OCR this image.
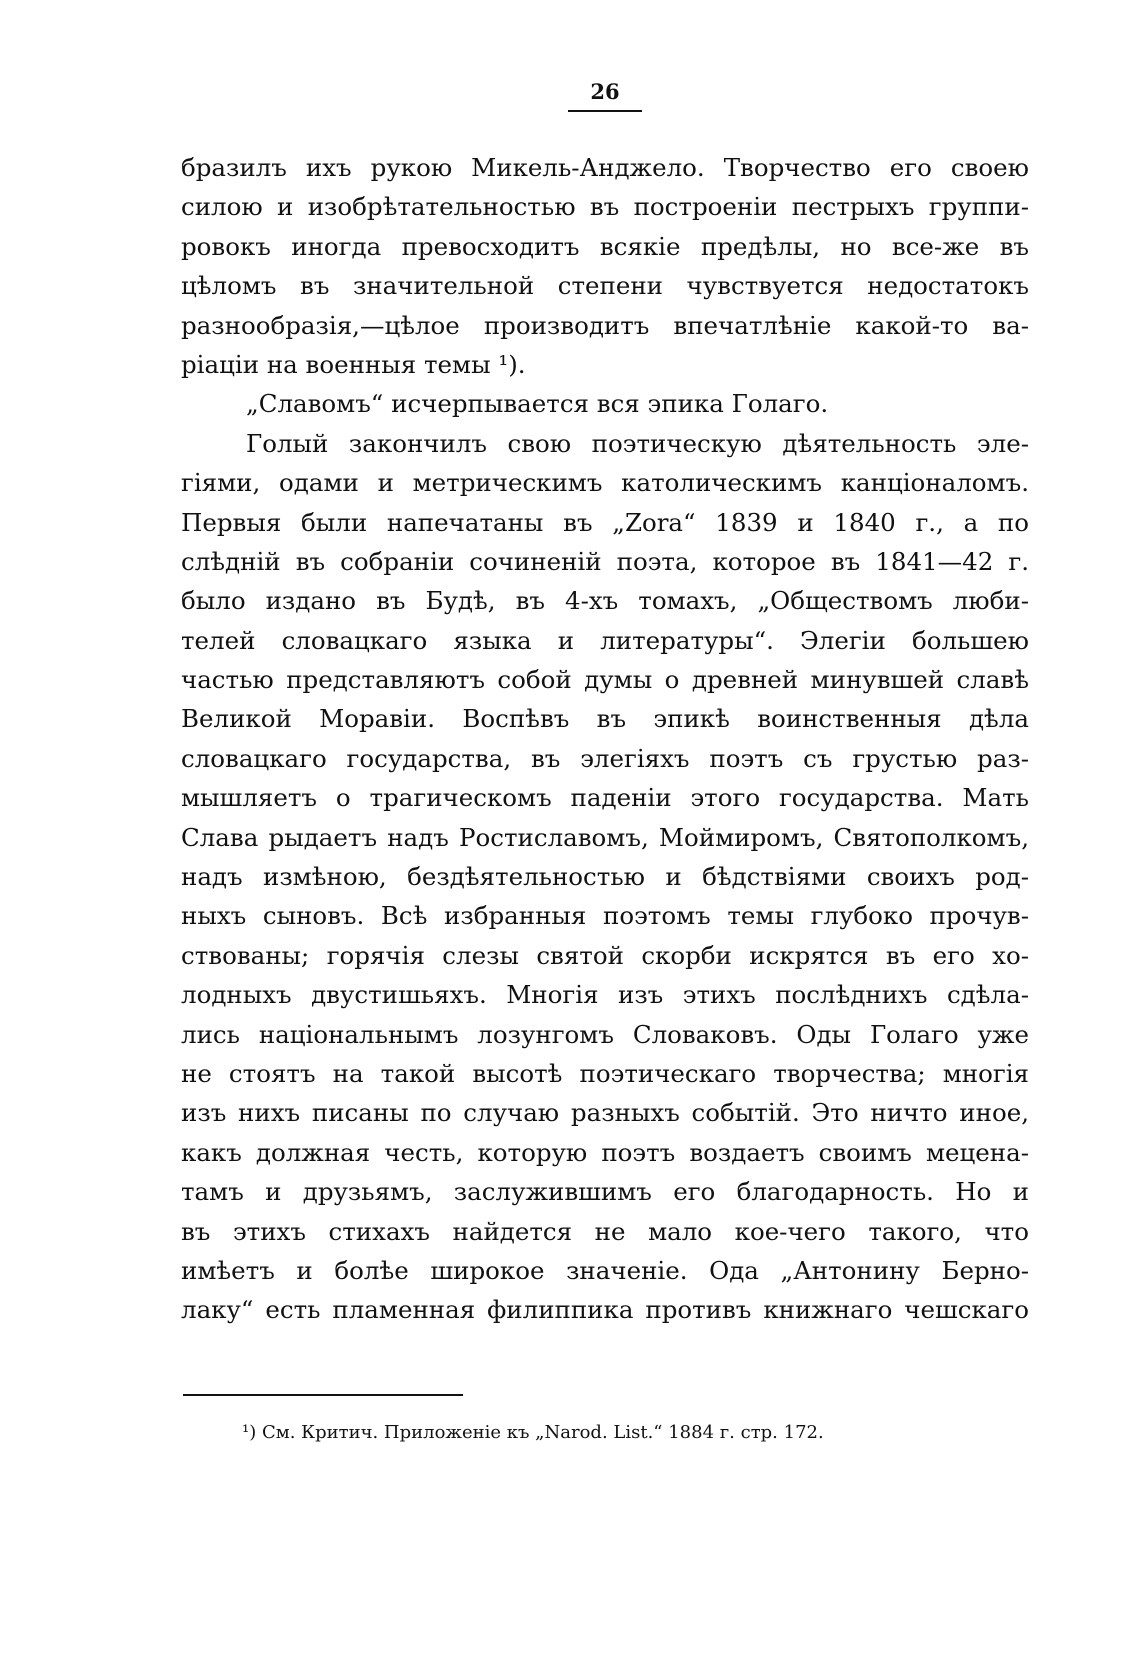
26
бразилъ ихъ рукою Микель-Анджело. Творчество его своею
силою и изобрѣтательностью въ построеніи пестрыхъ группи-
ровокъ иногда превосходитъ всякіе предѣлы, но все-же въ
цѣломъ въ значительной степени чувствуется недостатокъ
разнообразія,—цѣлое производитъ впечатлѣніе какой-то ва-
ріаціи на военныя темы ¹).
„Славомъ“ исчерпывается вся эпика Голаго.
Голый закончилъ свою поэтическую дѣятельность эле-
гіями, одами и метрическимъ католическимъ канціоналомъ.
Первыя были напечатаны въ „Zora“ 1839 и 1840 г., а по
слѣдній въ собраніи сочиненій поэта, которое въ 1841—42 г.
было издано въ Будѣ, въ 4-хъ томахъ, „Обществомъ люби-
телей словацкаго языка и литературы“. Элегіи большею
частью представляютъ собой думы о древней минувшей славѣ
Великой Моравіи. Воспѣвъ въ эпикѣ воинственныя дѣла
словацкаго государства, въ элегіяхъ поэтъ съ грустью раз-
мышляетъ о трагическомъ паденіи этого государства. Мать
Слава рыдаетъ надъ Ростиславомъ, Моймиромъ, Святополкомъ,
надъ измѣною, бездѣятельностью и бѣдствіями своихъ род-
ныхъ сыновъ. Всѣ избранныя поэтомъ темы глубоко прочув-
ствованы; горячія слезы святой скорби искрятся въ его хо-
лодныхъ двустишьяхъ. Многія изъ этихъ послѣднихъ сдѣла-
лись національнымъ лозунгомъ Словаковъ. Оды Голаго уже
не стоятъ на такой высотѣ поэтическаго творчества; многія
изъ нихъ писаны по случаю разныхъ событій. Это ничто иное,
какъ должная честь, которую поэтъ воздаетъ своимъ мецена-
тамъ и друзьямъ, заслужившимъ его благодарность. Но и
въ этихъ стихахъ найдется не мало кое-чего такого, что
имѣетъ и болѣе широкое значеніе. Ода „Антонину Берно-
лаку“ есть пламенная филиппика противъ книжнаго чешскаго
¹) См. Критич. Приложеніе къ „Narod. List.“ 1884 г. стр. 172.
